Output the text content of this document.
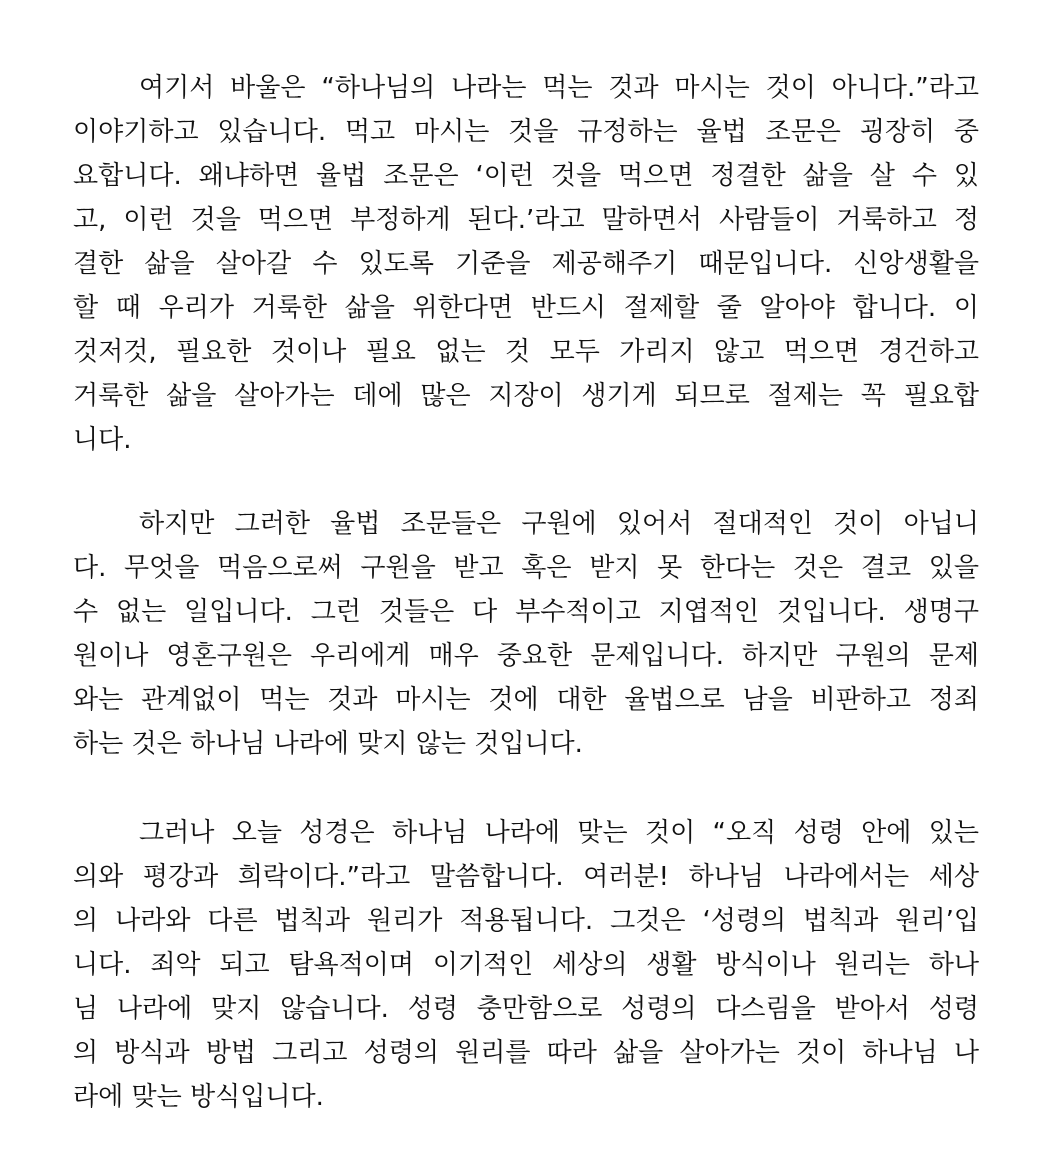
여기서 바울은 “하나님의 나라는 먹는 것과 마시는 것이 아니다.”라고
이야기하고 있습니다. 먹고 마시는 것을 규정하는 율법 조문은 굉장히 중
요합니다. 왜냐하면 율법 조문은 ‘이런 것을 먹으면 정결한 삶을 살 수 있
고, 이런 것을 먹으면 부정하게 된다.’라고 말하면서 사람들이 거룩하고 정
결한 삶을 살아갈 수 있도록 기준을 제공해주기 때문입니다. 신앙생활을
할 때 우리가 거룩한 삶을 위한다면 반드시 절제할 줄 알아야 합니다. 이
것저것, 필요한 것이나 필요 없는 것 모두 가리지 않고 먹으면 경건하고
거룩한 삶을 살아가는 데에 많은 지장이 생기게 되므로 절제는 꼭 필요합
니다.
하지만 그러한 율법 조문들은 구원에 있어서 절대적인 것이 아닙니
다. 무엇을 먹음으로써 구원을 받고 혹은 받지 못 한다는 것은 결코 있을
수 없는 일입니다. 그런 것들은 다 부수적이고 지엽적인 것입니다. 생명구
원이나 영혼구원은 우리에게 매우 중요한 문제입니다. 하지만 구원의 문제
와는 관계없이 먹는 것과 마시는 것에 대한 율법으로 남을 비판하고 정죄
하는 것은 하나님 나라에 맞지 않는 것입니다.
그러나 오늘 성경은 하나님 나라에 맞는 것이 “오직 성령 안에 있는
의와 평강과 희락이다.”라고 말씀합니다. 여러분! 하나님 나라에서는 세상
의 나라와 다른 법칙과 원리가 적용됩니다. 그것은 ‘성령의 법칙과 원리’입
니다. 죄악 되고 탐욕적이며 이기적인 세상의 생활 방식이나 원리는 하나
님 나라에 맞지 않습니다. 성령 충만함으로 성령의 다스림을 받아서 성령
의 방식과 방법 그리고 성령의 원리를 따라 삶을 살아가는 것이 하나님 나
라에 맞는 방식입니다.
